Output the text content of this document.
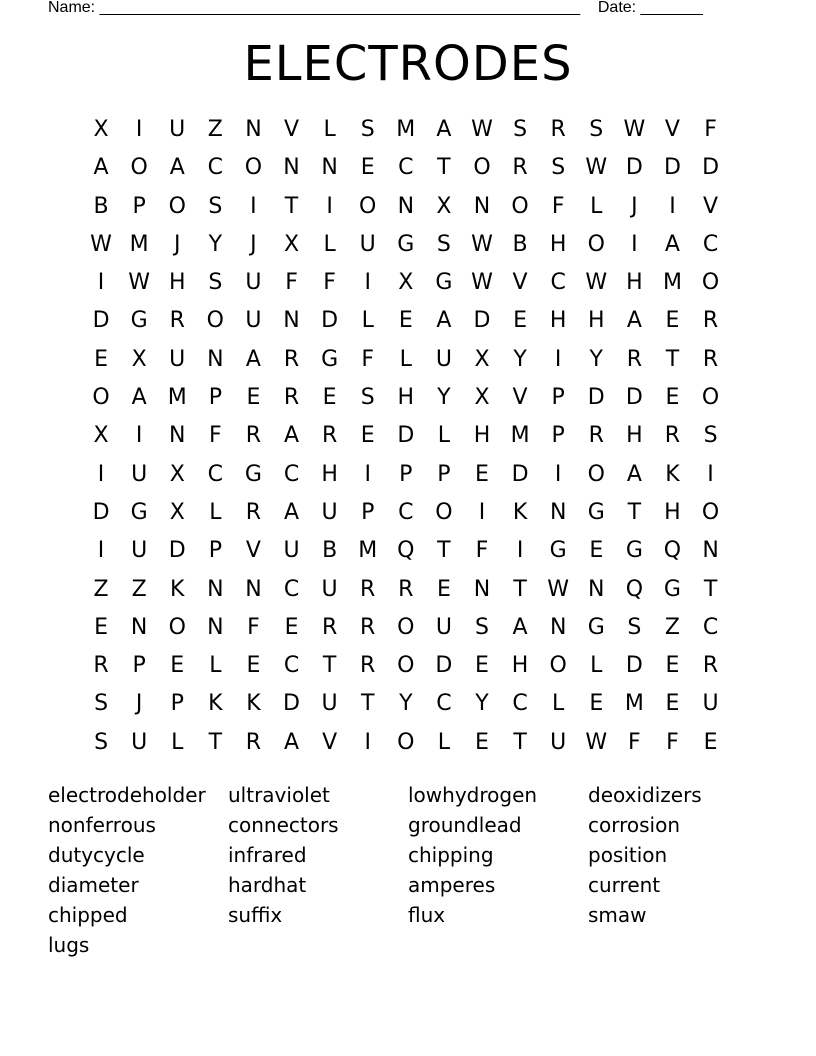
Name: ______________________________________________________    Date: _______
ELECTRODES
X	I	U	Z	N	V	L	S M A W S	R	S W V	F
A O A	C O N N	E	C	T	O R	S W D D D
B	P	O	S	I	T	I	O N	X	N O	F	L	J	I	V
W M	J	Y	J	X	L	U G	S W B	H O	I	A	C
I	W H	S	U	F	F	I	X	G W V	C W H M O
D G R O U N D	L	E	A	D	E	H H	A	E	R
E	X	U N	A	R G	F	L	U	X	Y	I	Y	R	T	R
O A M P	E	R	E	S	H	Y	X	V	P	D D	E	O
X	I	N	F	R	A	R	E	D	L	H M P	R	H	R	S
I	U	X	C G C	H	I	P	P	E	D	I	O A	K	I
D G	X	L	R	A	U	P	C O	I	K	N G	T	H O
I	U D	P	V	U	B M Q	T	F	I	G	E	G Q N
Z	Z	K	N N	C	U	R	R	E	N	T W N Q G	T
E	N O N	F	E	R	R O U	S	A	N G	S	Z	C
R	P	E	L	E	C	T	R O D	E	H O	L	D	E	R
S	J	P	K	K	D U	T	Y	C	Y	C	L	E M E	U
S	U	L	T	R	A	V	I	O	L	E	T	U W F	F	E
electrodeholder	ultraviolet	lowhydrogen	deoxidizers
nonferrous	connectors	groundlead	corrosion
dutycycle	infrared	chipping	position
diameter	hardhat	amperes	current
chipped	suffix	flux	smaw
lugs
